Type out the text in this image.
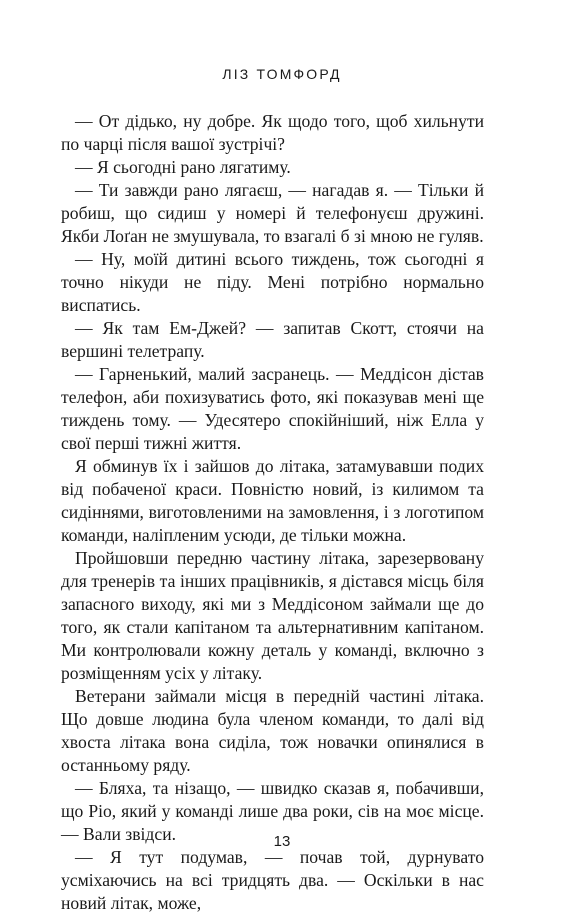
ЛІЗ ТОМФОРД

— От дідько, ну добре. Як щодо того, щоб хильнути по чарці після вашої зустрічі?

— Я сьогодні рано лягатиму.

— Ти завжди рано лягаєш, — нагадав я. — Тільки й робиш, що сидиш у номері й телефонуєш дружині. Якби Лоґан не змушувала, то взагалі б зі мною не гуляв.

— Ну, моїй дитині всього тиждень, тож сьогодні я точно нікуди не піду. Мені потрібно нормально виспатись.

— Як там Ем-Джей? — запитав Скотт, стоячи на вершині телетрапу.

— Гарненький, малий засранець. — Меддісон дістав телефон, аби похизуватись фото, які показував мені ще тиждень тому. — Удесятеро спокійніший, ніж Елла у свої перші тижні життя.

Я обминув їх і зайшов до літака, затамувавши подих від побаченої краси. Повністю новий, із килимом та сидіннями, виготовленими на замовлення, і з логотипом команди, наліпленим усюди, де тільки можна.

Пройшовши передню частину літака, зарезервовану для тренерів та інших працівників, я дістався місць біля запасного виходу, які ми з Меддісоном займали ще до того, як стали капітаном та альтернативним капітаном. Ми контролювали кожну деталь у команді, включно з розміщенням усіх у літаку.

Ветерани займали місця в передній частині літака. Що довше людина була членом команди, то далі від хвоста літака вона сиділа, тож новачки опинялися в останньому ряду.

— Бляха, та нізащо, — швидко сказав я, побачивши, що Ріо, який у команді лише два роки, сів на моє місце. — Вали звідси.

— Я тут подумав, — почав той, дурнувато усміхаючись на всі тридцять два. — Оскільки в нас новий літак, може,

13
